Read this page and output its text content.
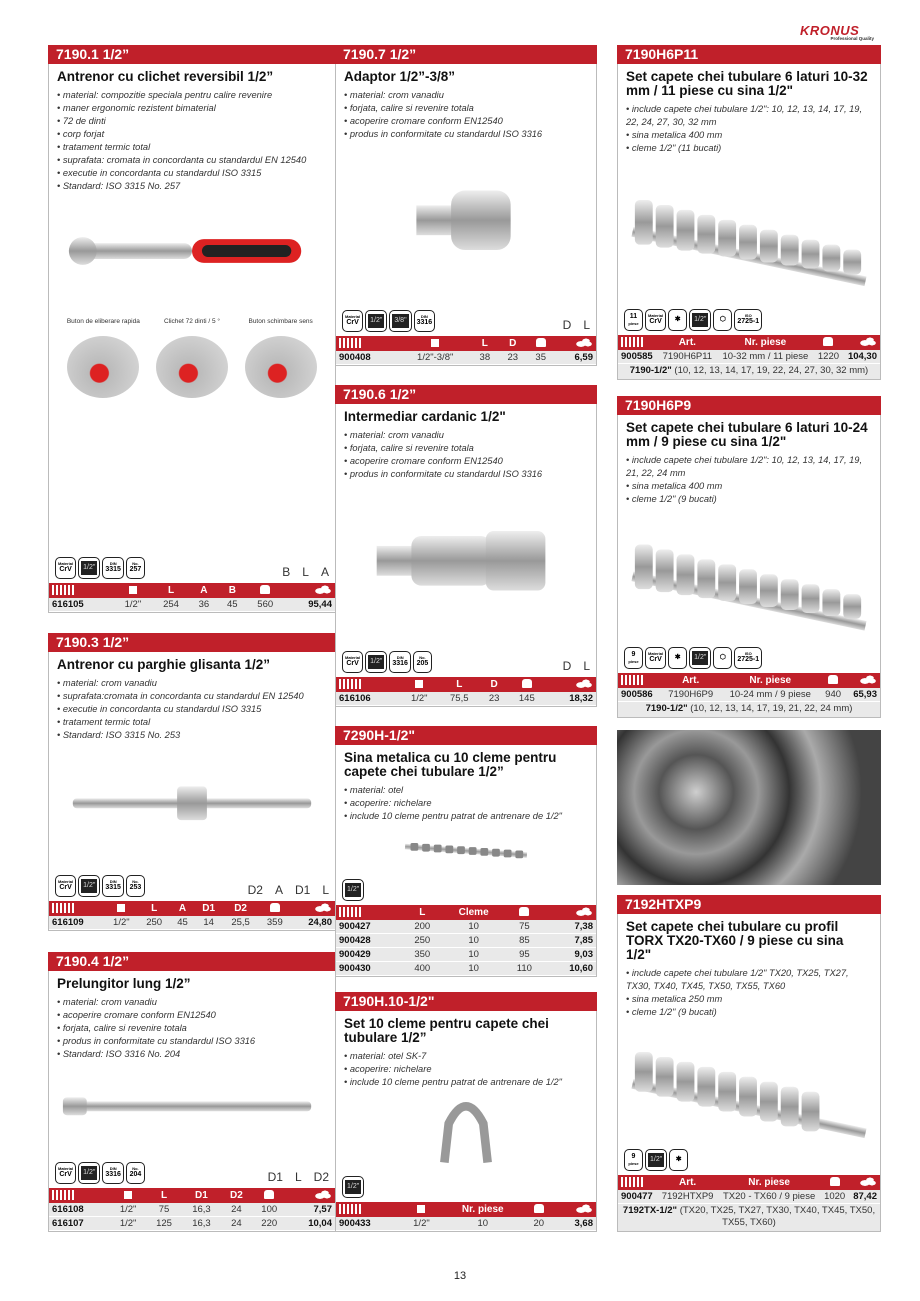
KRONUS
Professional Quality
7190.1 1/2”
Antrenor cu clichet reversibil 1/2”
• material: compozitie speciala pentru calire revenire
• maner ergonomic rezistent bimaterial
• 72 de dinti
• corp forjat
• tratament termic total
• suprafata: cromata in concordanta cu standardul EN 12540
• executie in concordanta cu standardul ISO 3315
• Standard: ISO 3315 No. 257
Buton de eliberare rapida	Clichet 72 dinti / 5 °	Buton schimbare sens
Material
CrV 1/2"	DIN
3315
No.
257	B L A
		L	A	B		
616105	1/2"	254	36	45	560	95,44
7190.3 1/2”
Antrenor cu parghie glisanta 1/2”
• material: crom vanadiu
• suprafata:cromata in concordanta cu standardul EN 12540
• executie in concordanta cu standardul ISO 3315
• tratament termic total
• Standard: ISO 3315 No. 253
Material
CrV 1/2"	DIN
3315
No.
253	D2 A D1 L
		L	A	D1	D2		
616109	1/2"	250	45	14	25,5	359	24,80
7190.4 1/2”
Prelungitor lung 1/2”
• material: crom vanadiu
• acoperire cromare conform EN12540
• forjata, calire si revenire totala
• produs in conformitate cu standardul ISO 3316
• Standard: ISO 3316 No. 204
Material
CrV 1/2"	DIN
3316
No.
204	D1 L D2
		L	D1	D2		
616108	1/2"	75	16,3	24	100	7,57
616107	1/2"	125	16,3	24	220	10,04
7190.7 1/2”
Adaptor 1/2”-3/8”
• material: crom vanadiu
• forjata, calire si revenire totala
• acoperire cromare conform EN12540
• produs in conformitate cu standardul ISO 3316
Material
CrV 1/2" 3/8"	DIN
3316	D L
		L	D		
900408	1/2"-3/8"	38	23	35	6,59
7190.6 1/2”
Intermediar cardanic 1/2"
• material: crom vanadiu
• forjata, calire si revenire totala
• acoperire cromare conform EN12540
• produs in conformitate cu standardul ISO 3316
Material
CrV 1/2"	DIN
3316
No.
205	D L
		L	D		
616106	1/2"	75,5	23	145	18,32
7290H-1/2"
Sina metalica cu 10 cleme pentru capete chei tubulare 1/2”
• material: otel
• acoperire: nichelare
• include 10 cleme pentru patrat de antrenare de 1/2"
1/2"
	L	Cleme		
900427	200	10	75	7,38
900428	250	10	85	7,85
900429	350	10	95	9,03
900430	400	10	110	10,60
7190H.10-1/2"
Set 10 cleme pentru capete chei tubulare 1/2”
• material: otel SK-7
• acoperire: nichelare
• include 10 cleme pentru patrat de antrenare de 1/2"
1/2"
		Nr. piese		
900433	1/2"	10	20	3,68
7190H6P11
Set capete chei tubulare 6 laturi 10-32 mm / 11 piese cu sina 1/2"
• include capete chei tubulare 1/2": 10, 12, 13, 14, 17, 19, 22, 24, 27, 30, 32 mm
• sina metalica 400 mm
• cleme 1/2" (11 bucati)
11
piese
Material
CrV	✱	1/2"	⬡	ISO
2725-1
	Art.	Nr. piese		
900585	7190H6P11	10-32 mm / 11 piese	1220	104,30
7190-1/2" (10, 12, 13, 14, 17, 19, 22, 24, 27, 30, 32 mm)
7190H6P9
Set capete chei tubulare 6 laturi 10-24 mm / 9 piese cu sina 1/2"
• include capete chei tubulare 1/2": 10, 12, 13, 14, 17, 19, 21, 22, 24 mm
• sina metalica 400 mm
• cleme 1/2" (9 bucati)
9
piese
Material
CrV	✱	1/2"	⬡	ISO
2725-1
	Art.	Nr. piese		
900586	7190H6P9	10-24 mm / 9 piese	940	65,93
7190-1/2" (10, 12, 13, 14, 17, 19, 21, 22, 24 mm)
7192HTXP9
Set capete chei tubulare cu profil TORX TX20-TX60 / 9 piese cu sina 1/2"
• include capete chei tubulare 1/2" TX20, TX25, TX27, TX30, TX40, TX45, TX50, TX55, TX60
• sina metalica 250 mm
• cleme 1/2" (9 bucati)
9
piese
1/2"	✱
	Art.	Nr. piese		
900477	7192HTXP9	TX20 - TX60 / 9 piese	1020	87,42
7192TX-1/2" (TX20, TX25, TX27, TX30, TX40, TX45, TX50, TX55, TX60)
13
